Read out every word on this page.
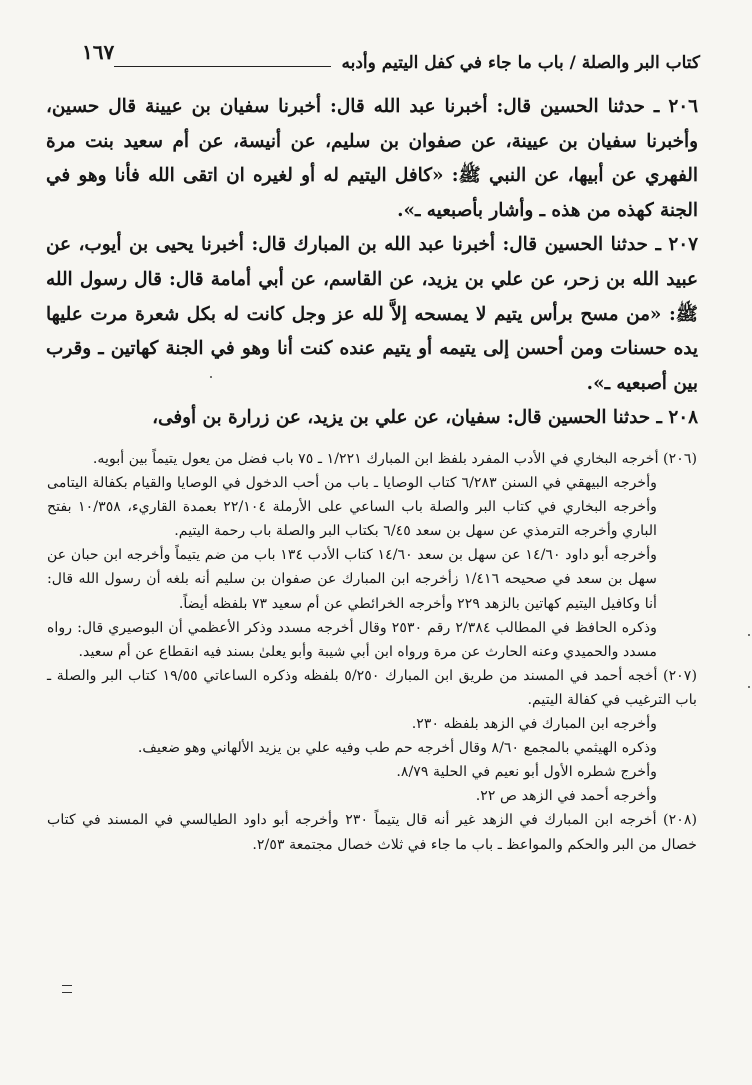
كتاب البر والصلة / باب ما جاء في كفل اليتيم وأدبه
١٦٧

٢٠٦ ـ حدثنا الحسين قال: أخبرنا عبد الله قال: أخبرنا سفيان بن عيينة قال حسين، وأخبرنا سفيان بن عيينة، عن صفوان بن سليم، عن أنيسة، عن أم سعيد بنت مرة الفهري عن أبيها، عن النبي ﷺ: «كافل اليتيم له أو لغيره ان اتقى الله فأنا وهو في الجنة كهذه من هذه ـ وأشار بأصبعيه ـ».

٢٠٧ ـ حدثنا الحسين قال: أخبرنا عبد الله بن المبارك قال: أخبرنا يحيى بن أيوب، عن عبيد الله بن زحر، عن علي بن يزيد، عن القاسم، عن أبي أمامة قال: قال رسول الله ﷺ: «من مسح برأس يتيم لا يمسحه إلاَّ لله عز وجل كانت له بكل شعرة مرت عليها يده حسنات ومن أحسن إلى يتيمه أو يتيم عنده كنت أنا وهو في الجنة كهاتين ـ وقرب بين أصبعيه ـ».

٢٠٨ ـ حدثنا الحسين قال: سفيان، عن علي بن يزيد، عن زرارة بن أوفى،

(٢٠٦) أخرجه البخاري في الأدب المفرد بلفظ ابن المبارك ١/٢٢١ ـ ٧٥ باب فضل من يعول يتيماً بين أبويه.

وأخرجه البيهقي في السنن ٦/٢٨٣ كتاب الوصايا ـ باب من أحب الدخول في الوصايا والقيام بكفالة اليتامى وأخرجه البخاري في كتاب البر والصلة باب الساعي على الأرملة ٢٢/١٠٤ بعمدة القاريء، ١٠/٣٥٨ بفتح الباري وأخرجه الترمذي عن سهل بن سعد ٦/٤٥ بكتاب البر والصلة باب رحمة اليتيم.

وأخرجه أبو داود ١٤/٦٠ عن سهل بن سعد ١٤/٦٠ كتاب الأدب ١٣٤ باب من ضم يتيماً وأخرجه ابن حبان عن سهل بن سعد في صحيحه ١/٤١٦ زأخرجه ابن المبارك عن صفوان بن سليم أنه بلغه أن رسول الله قال: أنا وكافيل اليتيم كهاتين بالزهد ٢٢٩ وأخرجه الخرائطي عن أم سعيد ٧٣ بلفظه أيضاً.

وذكره الحافظ في المطالب ٢/٣٨٤ رقم ٢٥٣٠ وقال أخرجه مسدد وذكر الأعظمي أن البوصيري قال: رواه مسدد والحميدي وعنه الحارث عن مرة ورواه ابن أبي شيبة وأبو يعلىٰ بسند فيه انقطاع عن أم سعيد.

(٢٠٧) أخجه أحمد في المسند من طريق ابن المبارك ٥/٢٥٠ بلفظه وذكره الساعاتي ١٩/٥٥ كتاب البر والصلة ـ باب الترغيب في كفالة اليتيم.

وأخرجه ابن المبارك في الزهد بلفظه ٢٣٠.

وذكره الهيثمي بالمجمع ٨/٦٠ وقال أخرجه حم طب وفيه علي بن يزيد الألهاني وهو ضعيف.

وأخرج شطره الأول أبو نعيم في الحلية ٨/٧٩.

وأخرجه أحمد في الزهد ص ٢٢.

(٢٠٨) أخرجه ابن المبارك في الزهد غير أنه قال يتيماً ٢٣٠ وأخرجه أبو داود الطيالسي في المسند في كتاب خصال من البر والحكم والمواعظ ـ باب ما جاء في ثلاث خصال مجتمعة ٢/٥٣.
